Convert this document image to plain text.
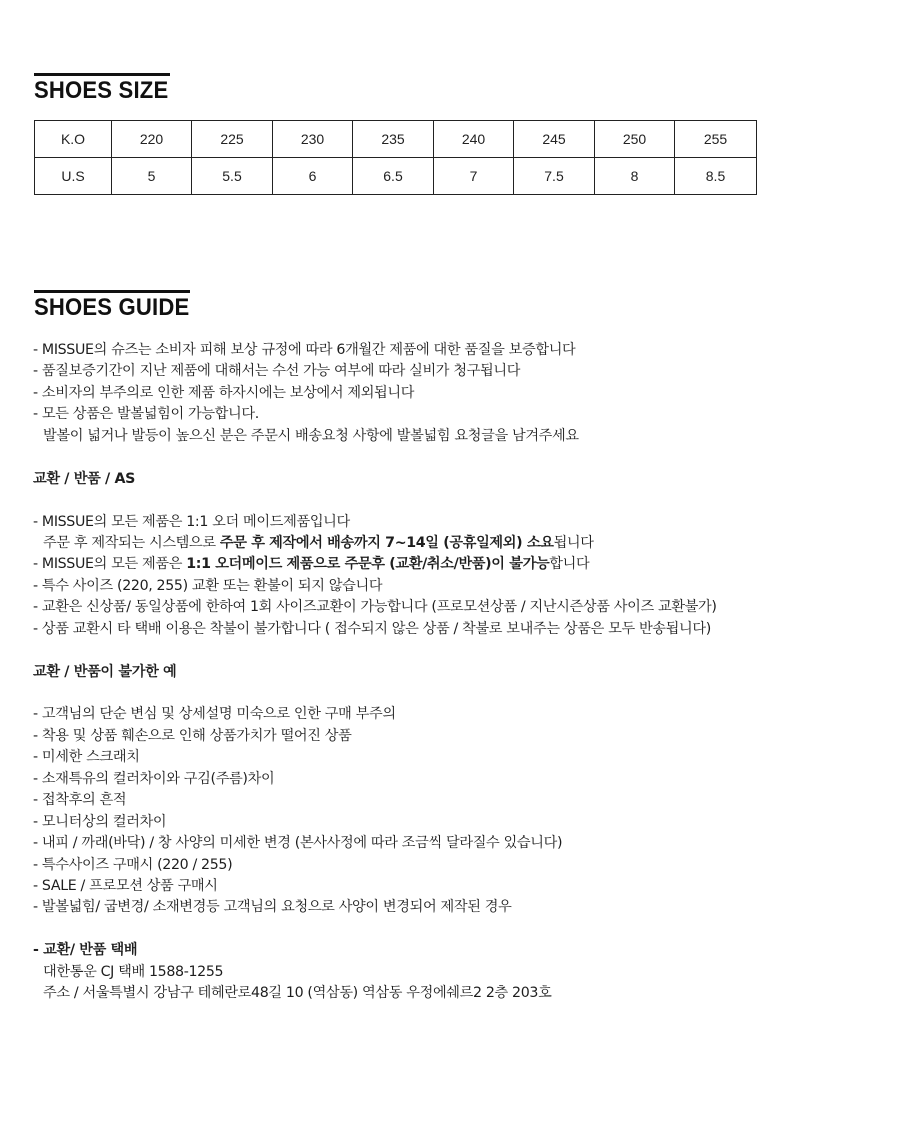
SHOES SIZE
K.O	220	225	230	235	240	245	250	255
U.S	5	5.5	6	6.5	7	7.5	8	8.5
SHOES GUIDE
- MISSUE의 슈즈는 소비자 피해 보상 규정에 따라 6개월간 제품에 대한 품질을 보증합니다
- 품질보증기간이 지난 제품에 대해서는 수선 가능 여부에 따라 실비가 청구됩니다
- 소비자의 부주의로 인한 제품 하자시에는 보상에서 제외됩니다
- 모든 상품은 발볼넓힘이 가능합니다.
발볼이 넓거나 발등이 높으신 분은 주문시 배송요청 사항에 발볼넓힘 요청글을 남겨주세요
교환 / 반품 / AS
- MISSUE의 모든 제품은 1:1 오더 메이드제품입니다
주문 후 제작되는 시스템으로 주문 후 제작에서 배송까지 7~14일 (공휴일제외) 소요됩니다
- MISSUE의 모든 제품은 1:1 오더메이드 제품으로 주문후 (교환/취소/반품)이 불가능합니다
- 특수 사이즈 (220, 255) 교환 또는 환불이 되지 않습니다
- 교환은 신상품/ 동일상품에 한하여 1회 사이즈교환이 가능합니다 (프로모션상품 / 지난시즌상품 사이즈 교환불가)
- 상품 교환시 타 택배 이용은 착불이 불가합니다 ( 접수되지 않은 상품 / 착불로 보내주는 상품은 모두 반송됩니다)
교환 / 반품이 불가한 예
- 고객님의 단순 변심 및 상세설명 미숙으로 인한 구매 부주의
- 착용 및 상품 훼손으로 인해 상품가치가 떨어진 상품
- 미세한 스크래치
- 소재특유의 컬러차이와 구김(주름)차이
- 접착후의 흔적
- 모니터상의 컬러차이
- 내피 / 까래(바닥) / 창 사양의 미세한 변경 (본사사정에 따라 조금씩 달라질수 있습니다)
- 특수사이즈 구매시 (220 / 255)
- SALE / 프로모션 상품 구매시
- 발볼넓힘/ 굽변경/ 소재변경등 고객님의 요청으로 사양이 변경되어 제작된 경우
- 교환/ 반품 택배
대한통운 CJ 택배 1588-1255
주소 / 서울특별시 강남구 테헤란로48길 10 (역삼동) 역삼동 우정에쉐르2 2층 203호
